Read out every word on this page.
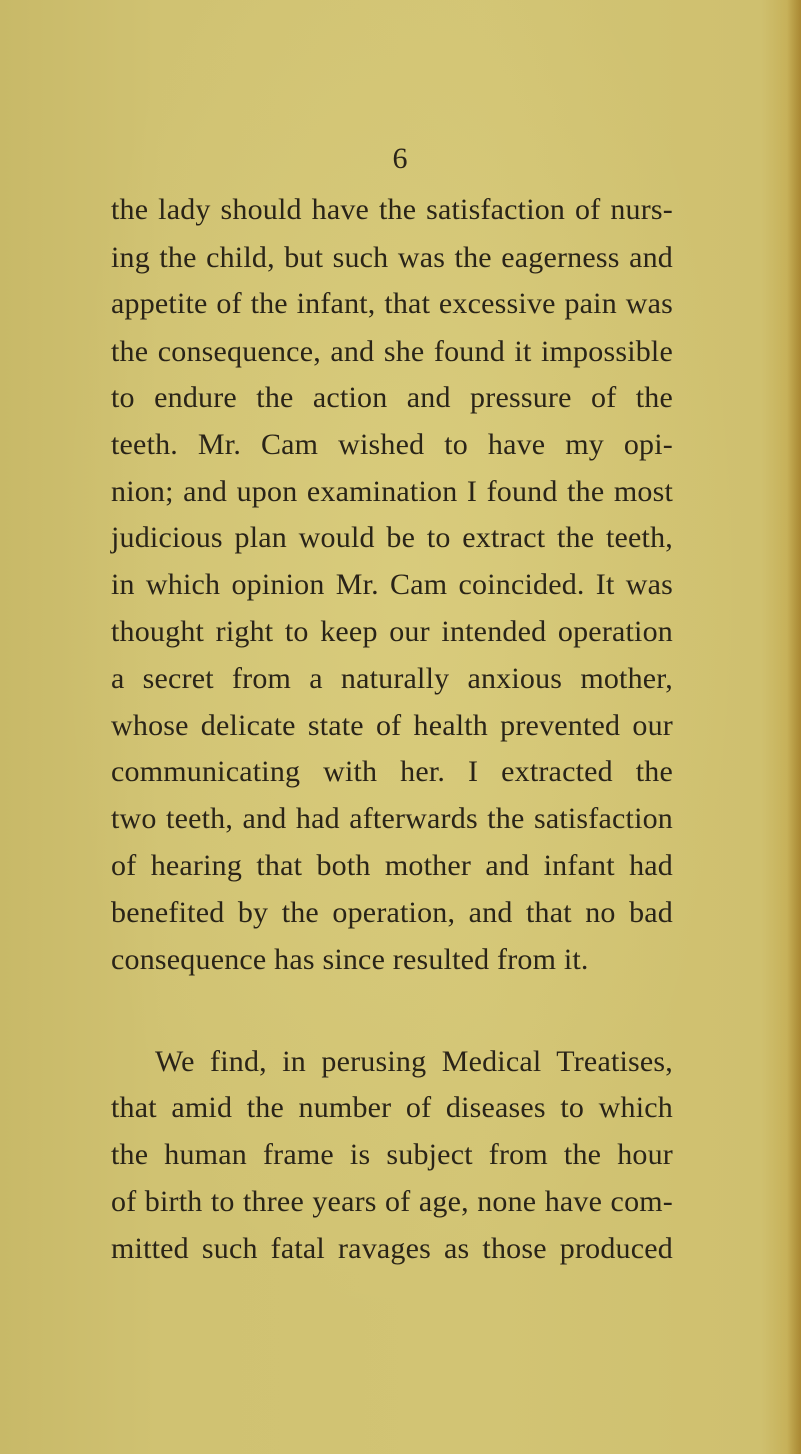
6
the lady should have the satisfaction of nurs-
ing the child, but such was the eagerness and
appetite of the infant, that excessive pain was
the consequence, and she found it impossible
to endure the action and pressure of the
teeth. Mr. Cam wished to have my opi-
nion; and upon examination I found the most
judicious plan would be to extract the teeth,
in which opinion Mr. Cam coincided. It was
thought right to keep our intended operation
a secret from a naturally anxious mother,
whose delicate state of health prevented our
communicating with her. I extracted the
two teeth, and had afterwards the satisfaction
of hearing that both mother and infant had
benefited by the operation, and that no bad
consequence has since resulted from it.
We find, in perusing Medical Treatises,
that amid the number of diseases to which
the human frame is subject from the hour
of birth to three years of age, none have com-
mitted such fatal ravages as those produced
